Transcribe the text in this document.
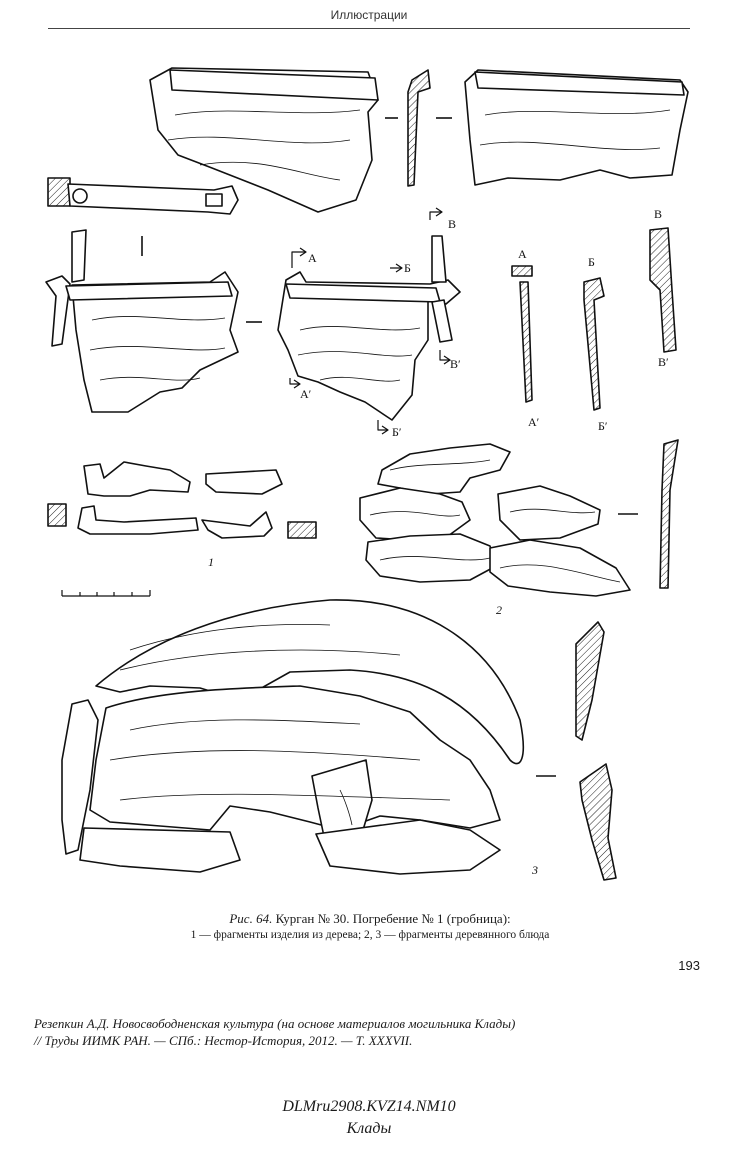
Иллюстрации
A
Б
В
A
Б
В
A′
Б′
В′
A′	Б′
В′
1
2
3
Рис. 64. Курган № 30. Погребение № 1 (гробница):
1 — фрагменты изделия из дерева; 2, 3 — фрагменты деревянного блюда
193
Резепкин А.Д. Новосвободненская культура (на основе материалов могильника Клады)
// Труды ИИМК РАН. — СПб.: Нестор-История, 2012. — Т. XXXVII.
DLMru2908.KVZ14.NM10
Клады
